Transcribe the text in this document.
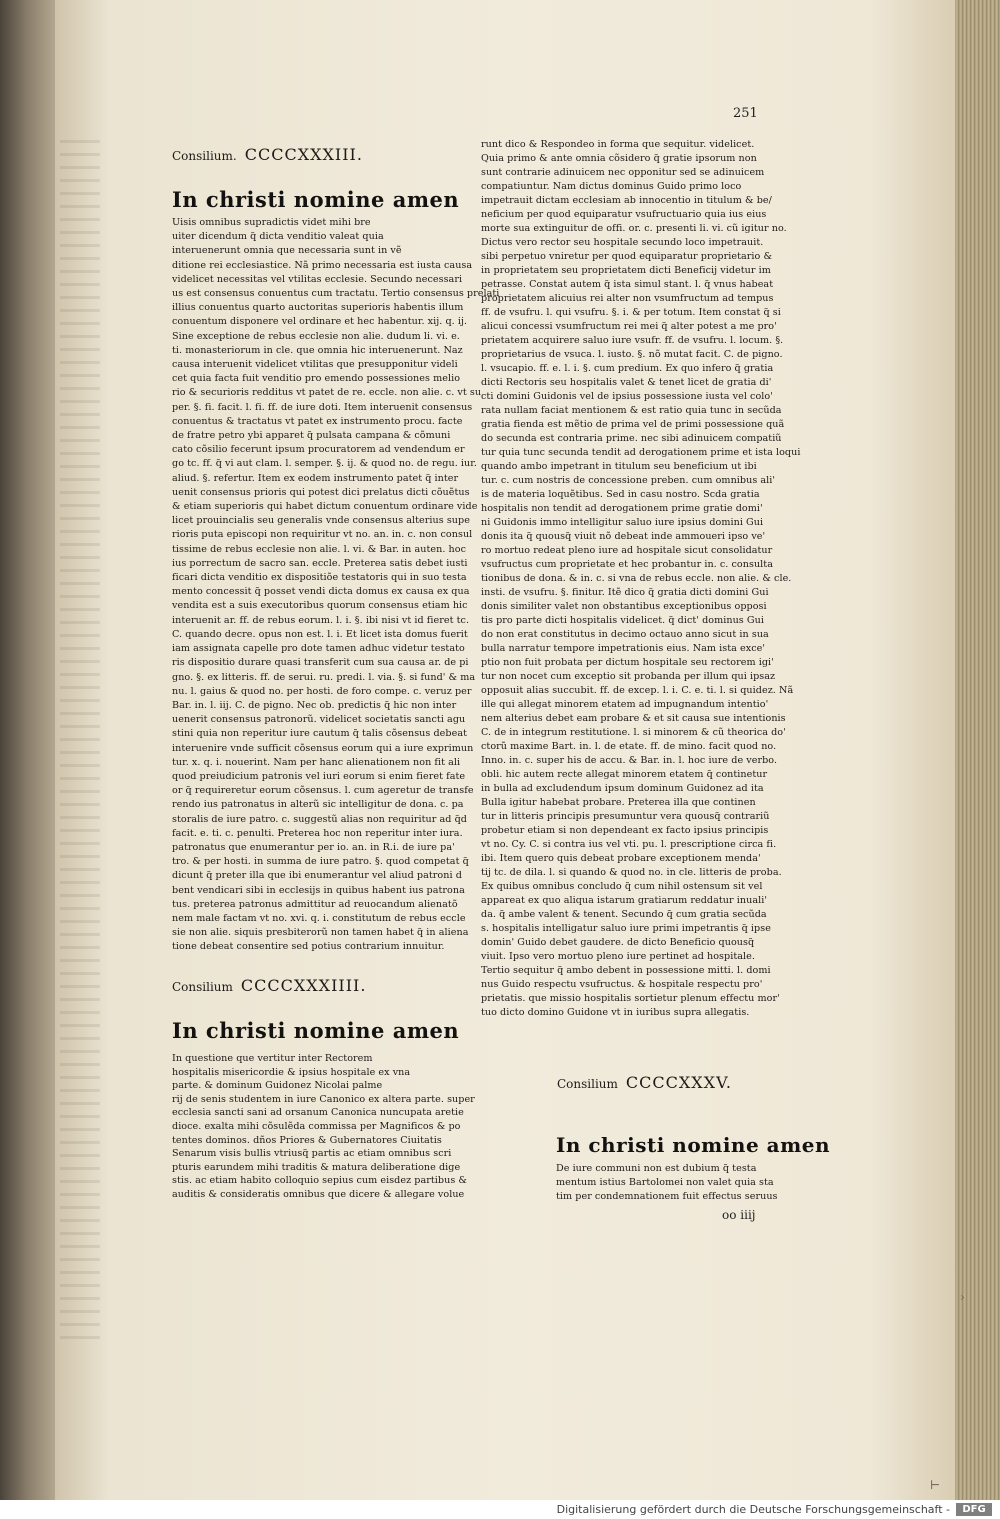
251
Consilium. CCCCXXXIII.
In christi nomine amen

Uisis omnibus supradictis videt mihi bre

uiter dicendum q̃ dicta venditio valeat quia

interuenerunt omnia que necessaria sunt in vẽ

ditione rei ecclesiastice. Nã primo necessaria est iusta causa

videlicet necessitas vel vtilitas ecclesie. Secundo necessari

us est consensus conuentus cum tractatu. Tertio consensus prelati

illius conuentus quarto auctoritas superioris habentis illum

conuentum disponere vel ordinare et hec habentur. xij. q. ij.

Sine exceptione de rebus ecclesie non alie. dudum li. vi. e.

ti. monasteriorum in cle. que omnia hic interuenerunt. Naz

causa interuenit videlicet vtilitas que presupponitur videli

cet quia facta fuit venditio pro emendo possessiones melio

rio & securioris redditus vt patet de re. eccle. non alie. c. vt su

per. §. fi. facit. l. fi. ff. de iure doti. Item interuenit consensus

conuentus & tractatus vt patet ex instrumento procu. facte

de fratre petro ybi apparet q̃ pulsata campana & cõmuni

cato cõsilio fecerunt ipsum procuratorem ad vendendum er

go tc. ff. q̃ vi aut clam. l. semper. §. ij. & quod no. de regu. iur.

aliud. §. refertur. Item ex eodem instrumento patet q̃ inter

uenit consensus prioris qui potest dici prelatus dicti cõuẽtus

& etiam superioris qui habet dictum conuentum ordinare vide

licet prouincialis seu generalis vnde consensus alterius supe

rioris puta episcopi non requiritur vt no. an. in. c. non consul

tissime de rebus ecclesie non alie. l. vi. & Bar. in auten. hoc

ius porrectum de sacro san. eccle. Preterea satis debet iusti

ficari dicta venditio ex dispositiõe testatoris qui in suo testa

mento concessit q̃ posset vendi dicta domus ex causa ex qua

vendita est a suis executoribus quorum consensus etiam hic

interuenit ar. ff. de rebus eorum. l. i. §. ibi nisi vt id fieret tc.

C. quando decre. opus non est. l. i. Et licet ista domus fuerit

iam assignata capelle pro dote tamen adhuc videtur testato

ris dispositio durare quasi transferit cum sua causa ar. de pi

gno. §. ex litteris. ff. de serui. ru. predi. l. via. §. si fund' & ma

nu. l. gaius & quod no. per hosti. de foro compe. c. veruz per

Bar. in. l. iij. C. de pigno. Nec ob. predictis q̃ hic non inter

uenerit consensus patronorũ. videlicet societatis sancti agu

stini quia non reperitur iure cautum q̃ talis cõsensus debeat

interuenire vnde sufficit cõsensus eorum qui a iure exprimun

tur. x. q. i. nouerint. Nam per hanc alienationem non fit ali

quod preiudicium patronis vel iuri eorum si enim fieret fate

or q̃ requireretur eorum cõsensus. l. cum ageretur de transfe

rendo ius patronatus in alterũ sic intelligitur de dona. c. pa

storalis de iure patro. c. suggestũ alias non requiritur ad q̃d

facit. e. ti. c. penulti. Preterea hoc non reperitur inter iura.

patronatus que enumerantur per io. an. in R.i. de iure pa'

tro. & per hosti. in summa de iure patro. §. quod competat q̃

dicunt q̃ preter illa que ibi enumerantur vel aliud patroni d

bent vendicari sibi in ecclesijs in quibus habent ius patrona

tus. preterea patronus admittitur ad reuocandum alienatõ

nem male factam vt no. xvi. q. i. constitutum de rebus eccle

sie non alie. siquis presbiterorũ non tamen habet q̃ in aliena

tione debeat consentire sed potius contrarium innuitur.

Consilium CCCCXXXIIII.
In christi nomine amen

In questione que vertitur inter Rectorem

hospitalis misericordie & ipsius hospitale ex vna

parte. & dominum Guidonez Nicolai palme

rij de senis studentem in iure Canonico ex altera parte. super

ecclesia sancti sani ad orsanum Canonica nuncupata aretie

dioce. exalta mihi cõsulẽda commissa per Magnificos & po

tentes dominos. dños Priores & Gubernatores Ciuitatis

Senarum visis bullis vtriusq̃ partis ac etiam omnibus scri

pturis earundem mihi traditis & matura deliberatione dige

stis. ac etiam habito colloquio sepius cum eisdez partibus &

auditis & consideratis omnibus que dicere & allegare volue

runt dico & Respondeo in forma que sequitur. videlicet.

Quia primo & ante omnia cõsidero q̃ gratie ipsorum non

sunt contrarie adinuicem nec opponitur sed se adinuicem

compatiuntur. Nam dictus dominus Guido primo loco

impetrauit dictam ecclesiam ab innocentio in titulum & be/

neficium per quod equiparatur vsufructuario quia ius eius

morte sua extinguitur de offi. or. c. presenti li. vi. cũ igitur no.

Dictus vero rector seu hospitale secundo loco impetrauit.

sibi perpetuo vniretur per quod equiparatur proprietario &

in proprietatem seu proprietatem dicti Beneficij videtur im

petrasse. Constat autem q̃ ista simul stant. l. q̃ vnus habeat

proprietatem alicuius rei alter non vsumfructum ad tempus

ff. de vsufru. l. qui vsufru. §. i. & per totum. Item constat q̃ si

alicui concessi vsumfructum rei mei q̃ alter potest a me pro'

prietatem acquirere saluo iure vsufr. ff. de vsufru. l. locum. §.

proprietarius de vsuca. l. iusto. §. nõ mutat facit. C. de pigno.

l. vsucapio. ff. e. l. i. §. cum predium. Ex quo infero q̃ gratia

dicti Rectoris seu hospitalis valet & tenet licet de gratia di'

cti domini Guidonis vel de ipsius possessione iusta vel colo'

rata nullam faciat mentionem & est ratio quia tunc in secũda

gratia fienda est mẽtio de prima vel de primi possessione quã

do secunda est contraria prime. nec sibi adinuicem compatiũ

tur quia tunc secunda tendit ad derogationem prime et ista loqui

quando ambo impetrant in titulum seu beneficium ut ibi

tur. c. cum nostris de concessione preben. cum omnibus ali'

is de materia loquẽtibus. Sed in casu nostro. Scda gratia

hospitalis non tendit ad derogationem prime gratie domi'

ni Guidonis immo intelligitur saluo iure ipsius domini Gui

donis ita q̃ quousq̃ viuit nõ debeat inde ammoueri ipso ve'

ro mortuo redeat pleno iure ad hospitale sicut consolidatur

vsufructus cum proprietate et hec probantur in. c. consulta

tionibus de dona. & in. c. si vna de rebus eccle. non alie. & cle.

insti. de vsufru. §. finitur. Itẽ dico q̃ gratia dicti domini Gui

donis similiter valet non obstantibus exceptionibus opposi

tis pro parte dicti hospitalis videlicet. q̃ dict' dominus Gui

do non erat constitutus in decimo octauo anno sicut in sua

bulla narratur tempore impetrationis eius. Nam ista exce'

ptio non fuit probata per dictum hospitale seu rectorem igi'

tur non nocet cum exceptio sit probanda per illum qui ipsaz

opposuit alias succubit. ff. de excep. l. i. C. e. ti. l. si quidez. Nã

ille qui allegat minorem etatem ad impugnandum intentio'

nem alterius debet eam probare & et sit causa sue intentionis

C. de in integrum restitutione. l. si minorem & cũ theorica do'

ctorũ maxime Bart. in. l. de etate. ff. de mino. facit quod no.

Inno. in. c. super his de accu. & Bar. in. l. hoc iure de verbo.

obli. hic autem recte allegat minorem etatem q̃ continetur

in bulla ad excludendum ipsum dominum Guidonez ad ita

Bulla igitur habebat probare. Preterea illa que continen

tur in litteris principis presumuntur vera quousq̃ contrariũ

probetur etiam si non dependeant ex facto ipsius principis

vt no. Cy. C. si contra ius vel vti. pu. l. prescriptione circa fi.

ibi. Item quero quis debeat probare exceptionem menda'

tij tc. de dila. l. si quando & quod no. in cle. litteris de proba.

Ex quibus omnibus concludo q̃ cum nihil ostensum sit vel

appareat ex quo aliqua istarum gratiarum reddatur inuali'

da. q̃ ambe valent & tenent. Secundo q̃ cum gratia secũda

s. hospitalis intelligatur saluo iure primi impetrantis q̃ ipse

domin' Guido debet gaudere. de dicto Beneficio quousq̃

viuit. Ipso vero mortuo pleno iure pertinet ad hospitale.

Tertio sequitur q̃ ambo debent in possessione mitti. l. domi

nus Guido respectu vsufructus. & hospitale respectu pro'

prietatis. que missio hospitalis sortietur plenum effectu mor'

tuo dicto domino Guidone vt in iuribus supra allegatis.

Consilium CCCCXXXV.
In christi nomine amen

De iure communi non est dubium q̃ testa

mentum istius Bartolomei non valet quia sta

tim per condemnationem fuit effectus seruus

oo iiij
⊢
›
Digitalisierung gefördert durch die Deutsche Forschungsgemeinschaft -	DFG
